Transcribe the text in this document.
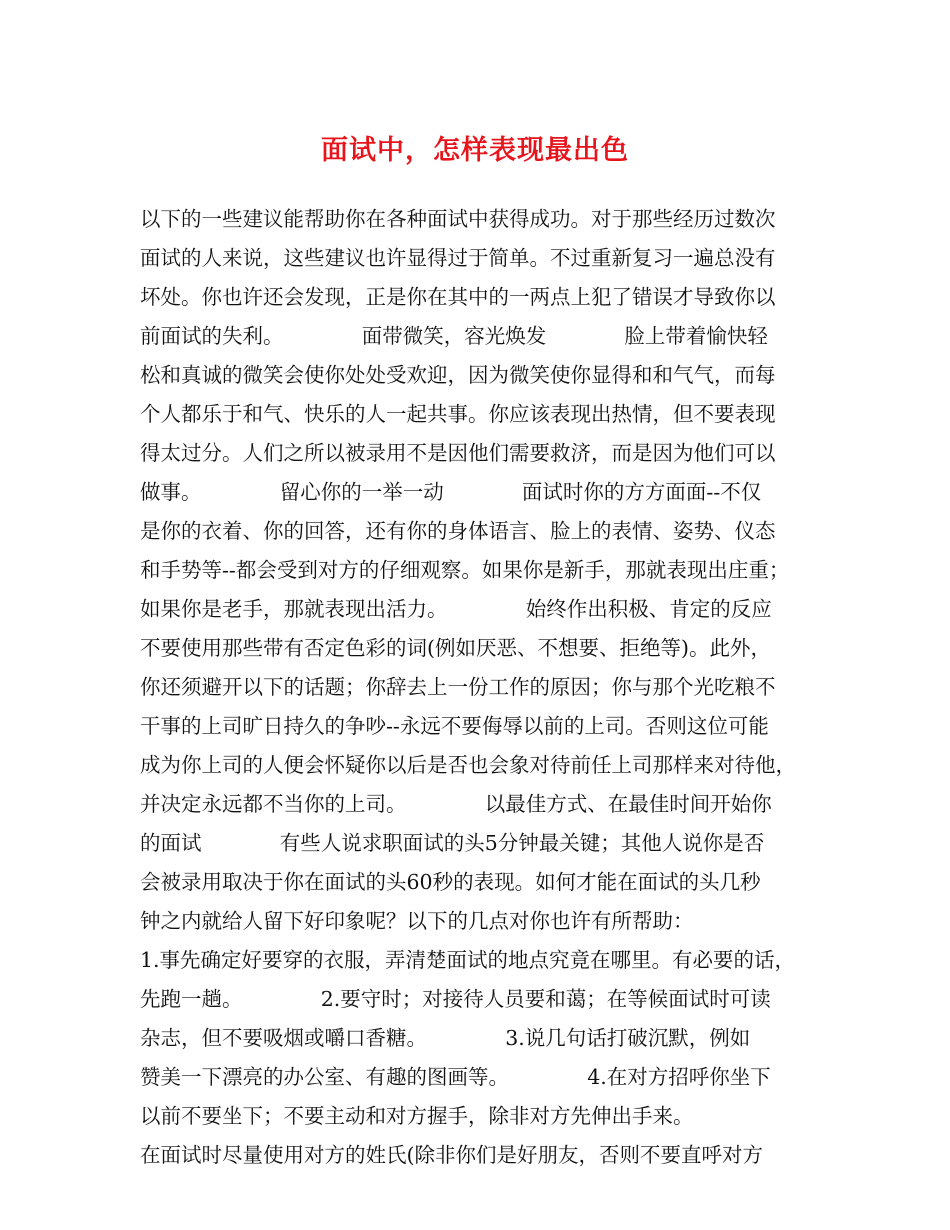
面试中，怎样表现最出色
以下的一些建议能帮助你在各种面试中获得成功。对于那些经历过数次
面试的人来说，这些建议也许显得过于简单。不过重新复习一遍总没有
坏处。你也许还会发现，正是你在其中的一两点上犯了错误才导致你以
前面试的失利。            面带微笑，容光焕发            脸上带着愉快轻
松和真诚的微笑会使你处处受欢迎，因为微笑使你显得和和气气，而每
个人都乐于和气、快乐的人一起共事。你应该表现出热情，但不要表现
得太过分。人们之所以被录用不是因他们需要救济，而是因为他们可以
做事。            留心你的一举一动            面试时你的方方面面--不仅
是你的衣着、你的回答，还有你的身体语言、脸上的表情、姿势、仪态
和手势等--都会受到对方的仔细观察。如果你是新手，那就表现出庄重；
如果你是老手，那就表现出活力。            始终作出积极、肯定的反应
不要使用那些带有否定色彩的词(例如厌恶、不想要、拒绝等)。此外，
你还须避开以下的话题；你辞去上一份工作的原因；你与那个光吃粮不
干事的上司旷日持久的争吵--永远不要侮辱以前的上司。否则这位可能
成为你上司的人便会怀疑你以后是否也会象对待前任上司那样来对待他，
并决定永远都不当你的上司。            以最佳方式、在最佳时间开始你
的面试            有些人说求职面试的头5分钟最关键；其他人说你是否
会被录用取决于你在面试的头60秒的表现。如何才能在面试的头几秒
钟之内就给人留下好印象呢？以下的几点对你也许有所帮助：
1.事先确定好要穿的衣服，弄清楚面试的地点究竟在哪里。有必要的话，
先跑一趟。            2.要守时；对接待人员要和蔼；在等候面试时可读
杂志，但不要吸烟或嚼口香糖。            3.说几句话打破沉默，例如
赞美一下漂亮的办公室、有趣的图画等。            4.在对方招呼你坐下
以前不要坐下；不要主动和对方握手，除非对方先伸出手来。
在面试时尽量使用对方的姓氏(除非你们是好朋友，否则不要直呼对方
